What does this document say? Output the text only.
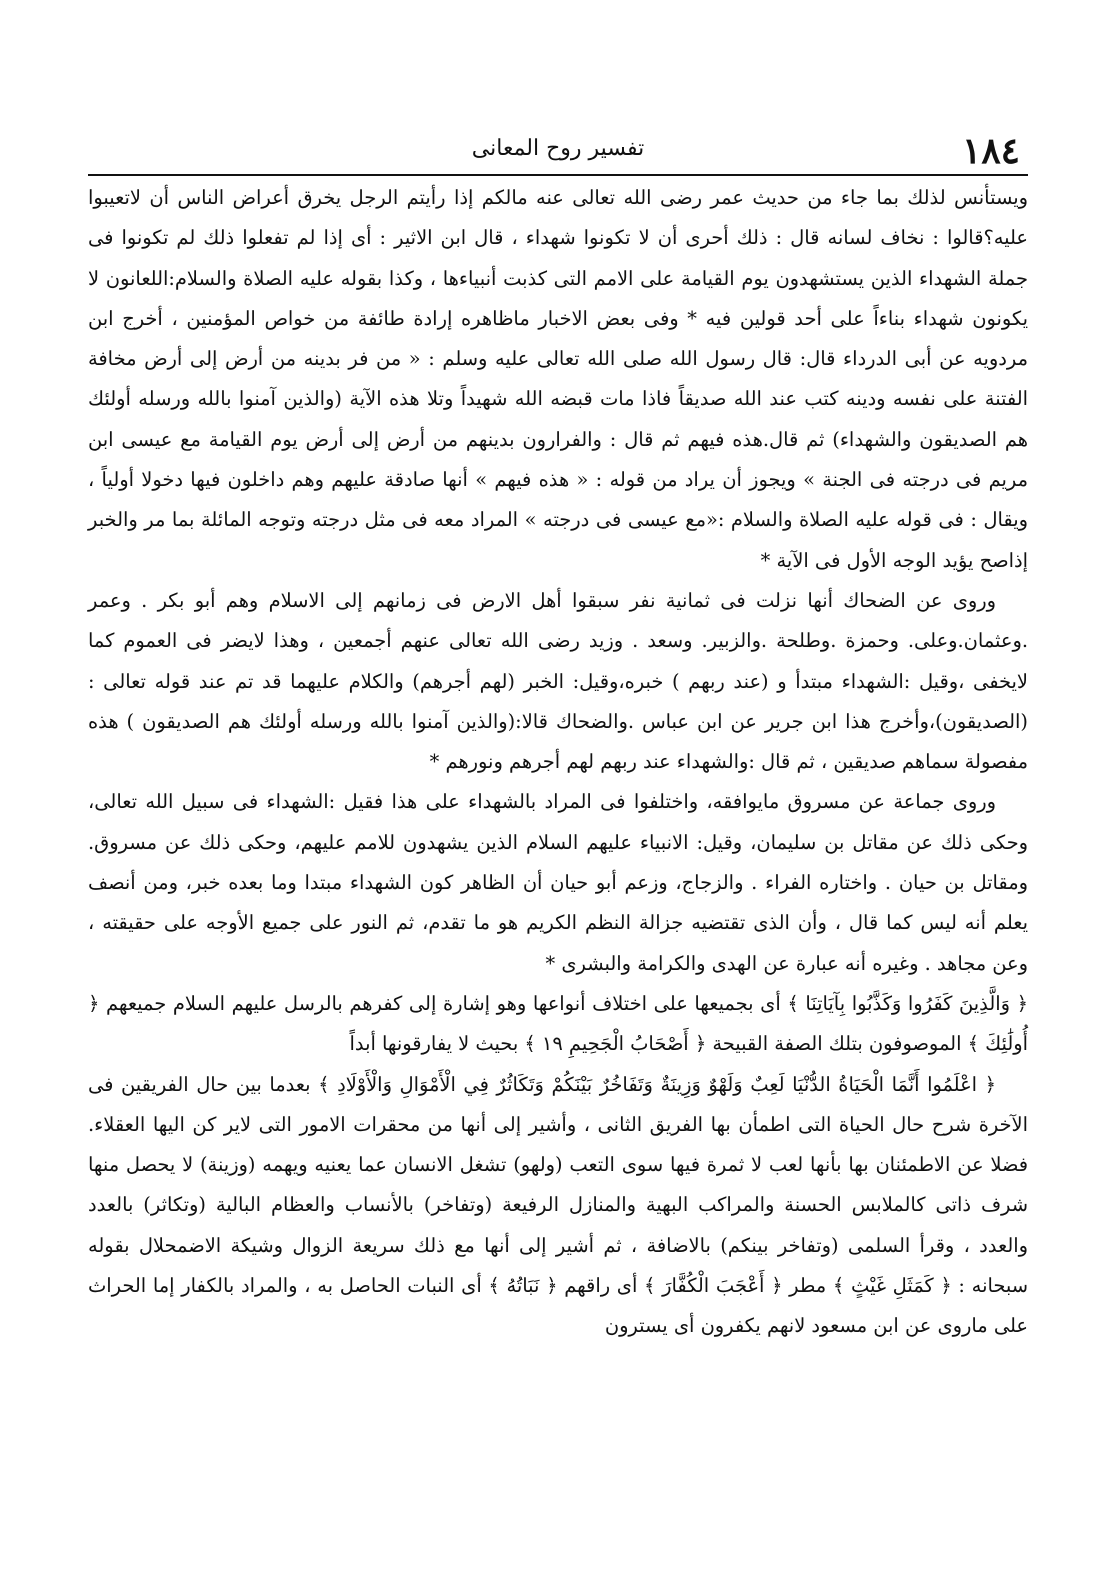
١٨٤
تفسير روح المعانى

ويستأنس لذلك بما جاء من حديث عمر رضى الله تعالى عنه مالكم إذا رأيتم الرجل يخرق أعراض الناس أن لاتعيبوا عليه؟قالوا : نخاف لسانه قال : ذلك أحرى أن لا تكونوا شهداء ، قال ابن الاثير : أى إذا لم تفعلوا ذلك لم تكونوا فى جملة الشهداء الذين يستشهدون يوم القيامة على الامم التى كذبت أنبياءها ، وكذا بقوله عليه الصلاة والسلام:اللعانون لا يكونون شهداء بناءاً على أحد قولين فيه * وفى بعض الاخبار ماظاهره إرادة طائفة من خواص المؤمنين ، أخرج ابن مردويه عن أبى الدرداء قال: قال رسول الله صلى الله تعالى عليه وسلم : « من فر بدينه من أرض إلى أرض مخافة الفتنة على نفسه ودينه كتب عند الله صديقاً فاذا مات قبضه الله شهيداً وتلا هذه الآية (والذين آمنوا بالله ورسله أولئك هم الصديقون والشهداء) ثم قال.هذه فيهم ثم قال : والفرارون بدينهم من أرض إلى أرض يوم القيامة مع عيسى ابن مريم فى درجته فى الجنة » ويجوز أن يراد من قوله : « هذه فيهم » أنها صادقة عليهم وهم داخلون فيها دخولا أولياً ، ويقال : فى قوله عليه الصلاة والسلام :«مع عيسى فى درجته » المراد معه فى مثل درجته وتوجه المائلة بما مر والخبر إذاصح يؤيد الوجه الأول فى الآية *

وروى عن الضحاك أنها نزلت فى ثمانية نفر سبقوا أهل الارض فى زمانهم إلى الاسلام وهم أبو بكر . وعمر .وعثمان.وعلى. وحمزة .وطلحة .والزبير. وسعد . وزيد رضى الله تعالى عنهم أجمعين ، وهذا لايضر فى العموم كما لايخفى ،وقيل :الشهداء مبتدأ و (عند ربهم ) خبره،وقيل: الخبر (لهم أجرهم) والكلام عليهما قد تم عند قوله تعالى :(الصديقون)،وأخرج هذا ابن جرير عن ابن عباس .والضحاك قالا:(والذين آمنوا بالله ورسله أولئك هم الصديقون ) هذه مفصولة سماهم صديقين ، ثم قال :والشهداء عند ربهم لهم أجرهم ونورهم *

وروى جماعة عن مسروق مايوافقه، واختلفوا فى المراد بالشهداء على هذا فقيل :الشهداء فى سبيل الله تعالى، وحكى ذلك عن مقاتل بن سليمان، وقيل: الانبياء عليهم السلام الذين يشهدون للامم عليهم، وحكى ذلك عن مسروق. ومقاتل بن حيان . واختاره الفراء . والزجاج، وزعم أبو حيان أن الظاهر كون الشهداء مبتدا وما بعده خبر، ومن أنصف يعلم أنه ليس كما قال ، وأن الذى تقتضيه جزالة النظم الكريم هو ما تقدم، ثم النور على جميع الأوجه على حقيقته ، وعن مجاهد . وغيره أنه عبارة عن الهدى والكرامة والبشرى *

﴿ وَالَّذِينَ كَفَرُوا وَكَذَّبُوا بِآيَاتِنَا ﴾ أى بجميعها على اختلاف أنواعها وهو إشارة إلى كفرهم بالرسل عليهم السلام جميعهم ﴿ أُولَٰئِكَ ﴾ الموصوفون بتلك الصفة القبيحة ﴿ أَصْحَابُ الْجَحِيمِ ١٩ ﴾ بحيث لا يفارقونها أبداً

﴿ اعْلَمُوا أَنَّمَا الْحَيَاةُ الدُّنْيَا لَعِبٌ وَلَهْوٌ وَزِينَةٌ وَتَفَاخُرٌ بَيْنَكُمْ وَتَكَاثُرٌ فِي الْأَمْوَالِ وَالْأَوْلَادِ ﴾ بعدما بين حال الفريقين فى الآخرة شرح حال الحياة التى اطمأن بها الفريق الثانى ، وأشير إلى أنها من محقرات الامور التى لاير كن اليها العقلاء. فضلا عن الاطمئنان بها بأنها لعب لا ثمرة فيها سوى التعب (ولهو) تشغل الانسان عما يعنيه ويهمه (وزينة) لا يحصل منها شرف ذاتى كالملابس الحسنة والمراكب البهية والمنازل الرفيعة (وتفاخر) بالأنساب والعظام البالية (وتكاثر) بالعدد والعدد ، وقرأ السلمى (وتفاخر بينكم) بالاضافة ، ثم أشير إلى أنها مع ذلك سريعة الزوال وشيكة الاضمحلال بقوله سبحانه : ﴿ كَمَثَلِ غَيْثٍ ﴾ مطر ﴿ أَعْجَبَ الْكُفَّارَ ﴾ أى راقهم ﴿ نَبَاتُهُ ﴾ أى النبات الحاصل به ، والمراد بالكفار إما الحراث على ماروى عن ابن مسعود لانهم يكفرون أى يسترون
